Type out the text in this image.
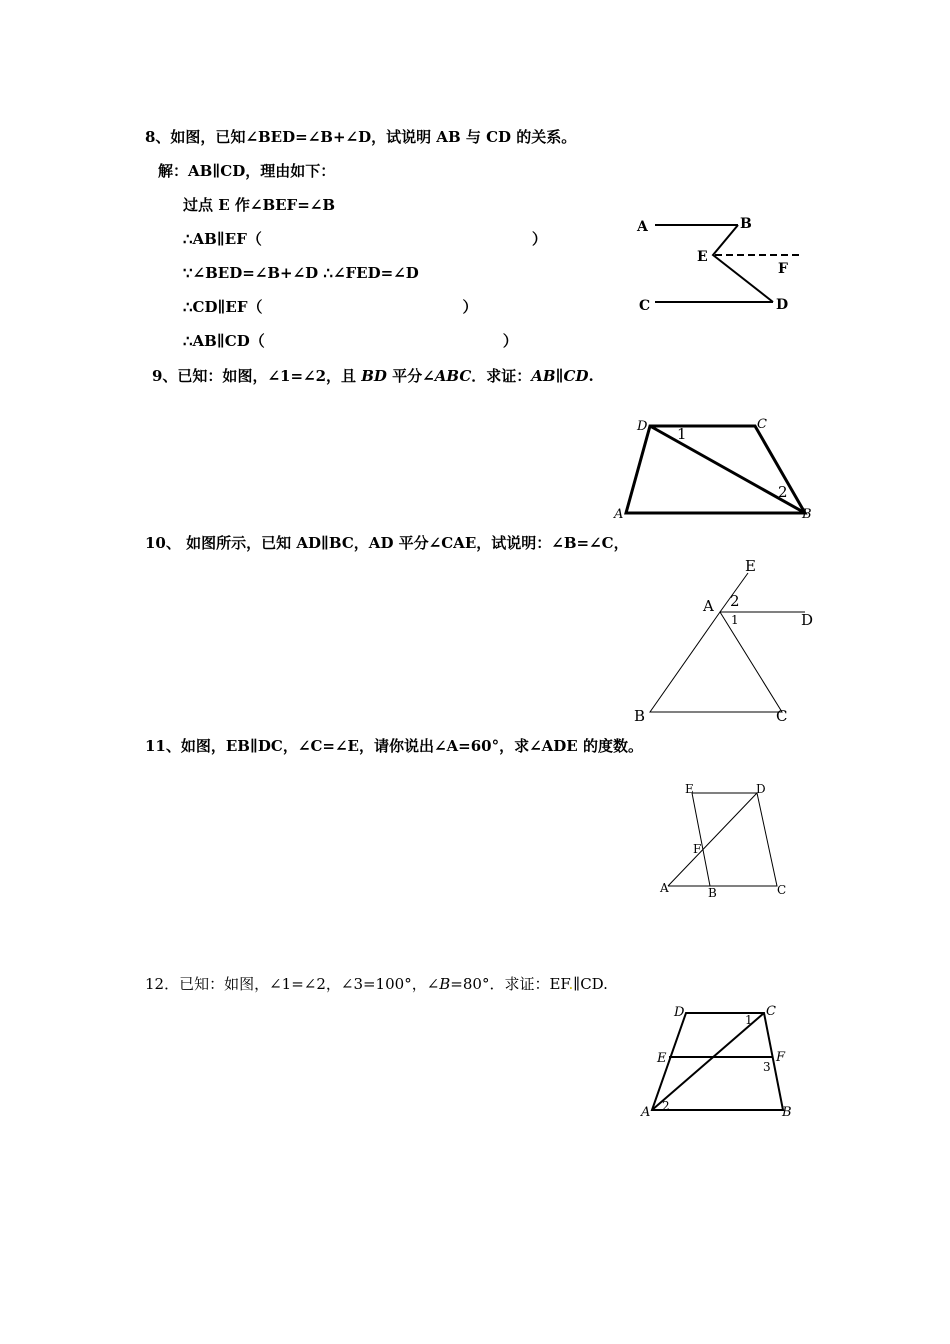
8、如图，已知∠BED=∠B+∠D，试说明 AB 与 CD 的关系。
解：AB∥CD，理由如下：
过点 E 作∠BEF=∠B
∴AB∥EF（	）
∵∠BED=∠B+∠D ∴∠FED=∠D
∴CD∥EF（	）
∴AB∥CD（	）
A	B
E
F
C	D
9、已知：如图，∠1=∠2，且 BD 平分∠ABC．求证：AB∥CD.
D	C
A	B
1
2
10、 如图所示，已知 AD∥BC，AD 平分∠CAE，试说明：∠B=∠C，
E
A 2
1	D
B	C
11、如图，EB∥DC，∠C=∠E，请你说出∠A=60°，求∠ADE 的度数。
E	D
F
A	B	C
12．已知：如图，∠1=∠2，∠3=100°，∠B=80°．求证：EF.∥CD.
D	C
1
E	F
3
A 2	B
